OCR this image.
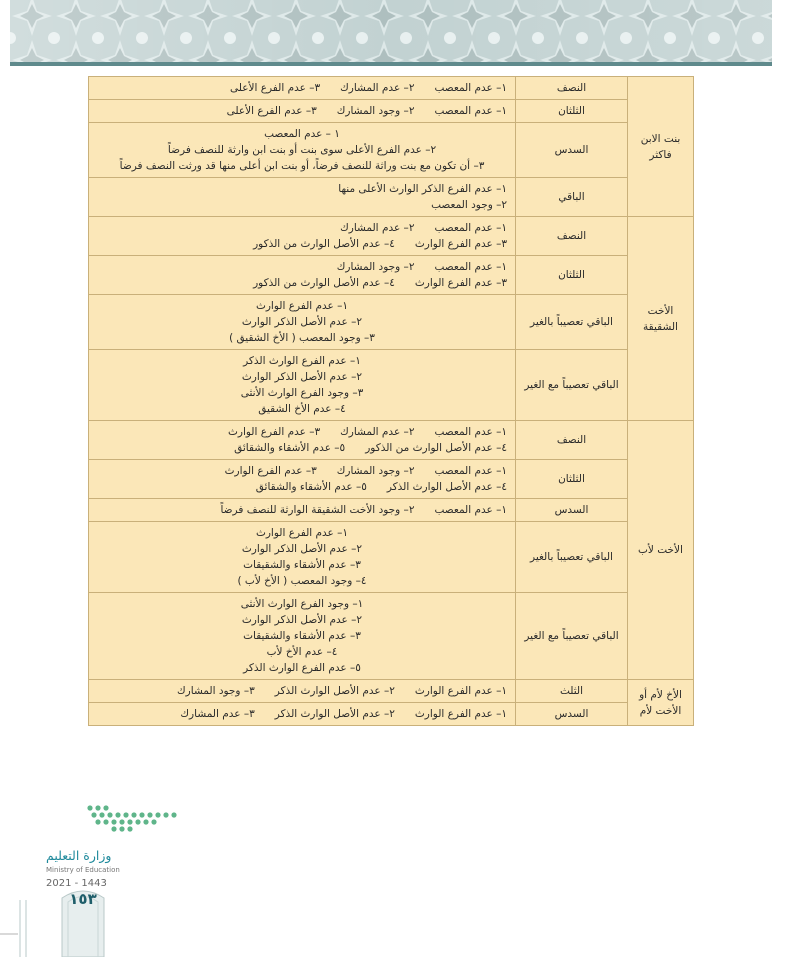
بنت الابن فاكثر	النصف	١– عدم المعصب      ٢– عدم المشارك      ٣– عدم الفرع الأعلى

	الثلثان	١– عدم المعصب      ٢– وجود المشارك      ٣– عدم الفرع الأعلى

	السدس	١ – عدم المعصب
٢– عدم الفرع الأعلى سوى بنت أو بنت ابن وارثة للنصف فرضاً
٣– أن تكون مع بنت وراثة للنصف فرضاً، أو بنت ابن أعلى منها قد ورثت النصف فرضاً

	الباقي	١– عدم الفرع الذكر الوارث الأعلى منها
٢– وجود المعصب

الأخت الشقيقة	النصف	١– عدم المعصب      ٢– عدم المشارك
٣– عدم الفرع الوارث      ٤– عدم الأصل الوارث من الذكور

	الثلثان	١– عدم المعصب      ٢– وجود المشارك
٣– عدم الفرع الوارث      ٤– عدم الأصل الوارث من الذكور

	الباقي تعصيباً بالغير	١– عدم الفرع الوارث
٢– عدم الأصل الذكر الوارث
٣– وجود المعصب ( الأخ الشقيق )

	الباقي تعصيباً مع الغير	١– عدم الفرع الوارث الذكر
٢– عدم الأصل الذكر الوارث
٣– وجود الفرع الوارث الأنثى
٤– عدم الأخ الشقيق

الأخت لأب	النصف	١– عدم المعصب      ٢– عدم المشارك      ٣– عدم الفرع الوارث
٤– عدم الأصل الوارث من الذكور      ٥– عدم الأشقاء والشقائق

	الثلثان	١– عدم المعصب      ٢– وجود المشارك      ٣– عدم الفرع الوارث
٤– عدم الأصل الوارث الذكر      ٥– عدم الأشقاء والشقائق

	السدس	١– عدم المعصب      ٢– وجود الأخت الشقيقة الوارثة للنصف فرضاً

	الباقي تعصيباً بالغير	١– عدم الفرع الوارث
٢– عدم الأصل الذكر الوارث
٣– عدم الأشقاء والشقيقات
٤– وجود المعصب ( الأخ لأب )

	الباقي تعصيباً مع الغير	١– وجود الفرع الوارث الأنثى
٢– عدم الأصل الذكر الوارث
٣– عدم الأشقاء والشقيقات
٤– عدم الأخ لأب
٥– عدم الفرع الوارث الذكر

الأخ لأم أو الأخت لأم	الثلث	١– عدم الفرع الوارث      ٢– عدم الأصل الوارث الذكر      ٣– وجود المشارك

	السدس	١– عدم الفرع الوارث      ٢– عدم الأصل الوارث الذكر      ٣– عدم المشارك
وزارة التعليم
Ministry of Education
2021 - 1443
١٥٣
